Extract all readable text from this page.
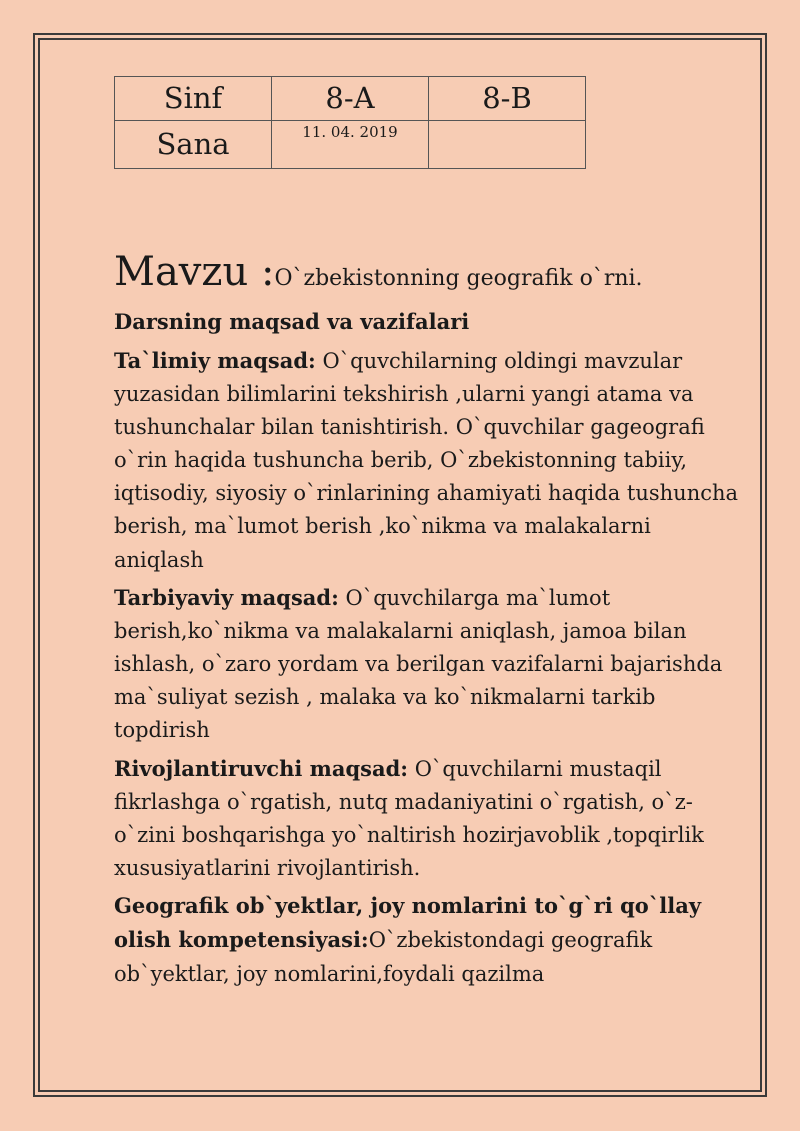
Sinf	8-A	8-B
Sana	11. 04. 2019	
Mavzu :O`zbekistonning geografik o`rni.
Darsning maqsad va vazifalari

Ta`limiy maqsad: O`quvchilarning oldingi mavzular yuzasidan bilimlarini tekshirish ,ularni yangi atama va tushunchalar bilan tanishtirish. O`quvchilar gageografi o`rin haqida tushuncha berib, O`zbekistonning tabiiy, iqtisodiy, siyosiy o`rinlarining ahamiyati haqida tushuncha berish, ma`lumot berish ,ko`nikma va malakalarni aniqlash

Tarbiyaviy maqsad: O`quvchilarga ma`lumot berish,ko`nikma va malakalarni aniqlash, jamoa bilan ishlash, o`zaro yordam va berilgan vazifalarni bajarishda ma`suliyat sezish , malaka va ko`nikmalarni tarkib topdirish

Rivojlantiruvchi maqsad: O`quvchilarni mustaqil fikrlashga o`rgatish, nutq madaniyatini o`rgatish, o`z-o`zini boshqarishga yo`naltirish hozirjavoblik ,topqirlik xususiyatlarini rivojlantirish.

Geografik ob`yektlar, joy nomlarini to`g`ri qo`llay olish kompetensiyasi:O`zbekistondagi geografik ob`yektlar, joy nomlarini,foydali qazilma
